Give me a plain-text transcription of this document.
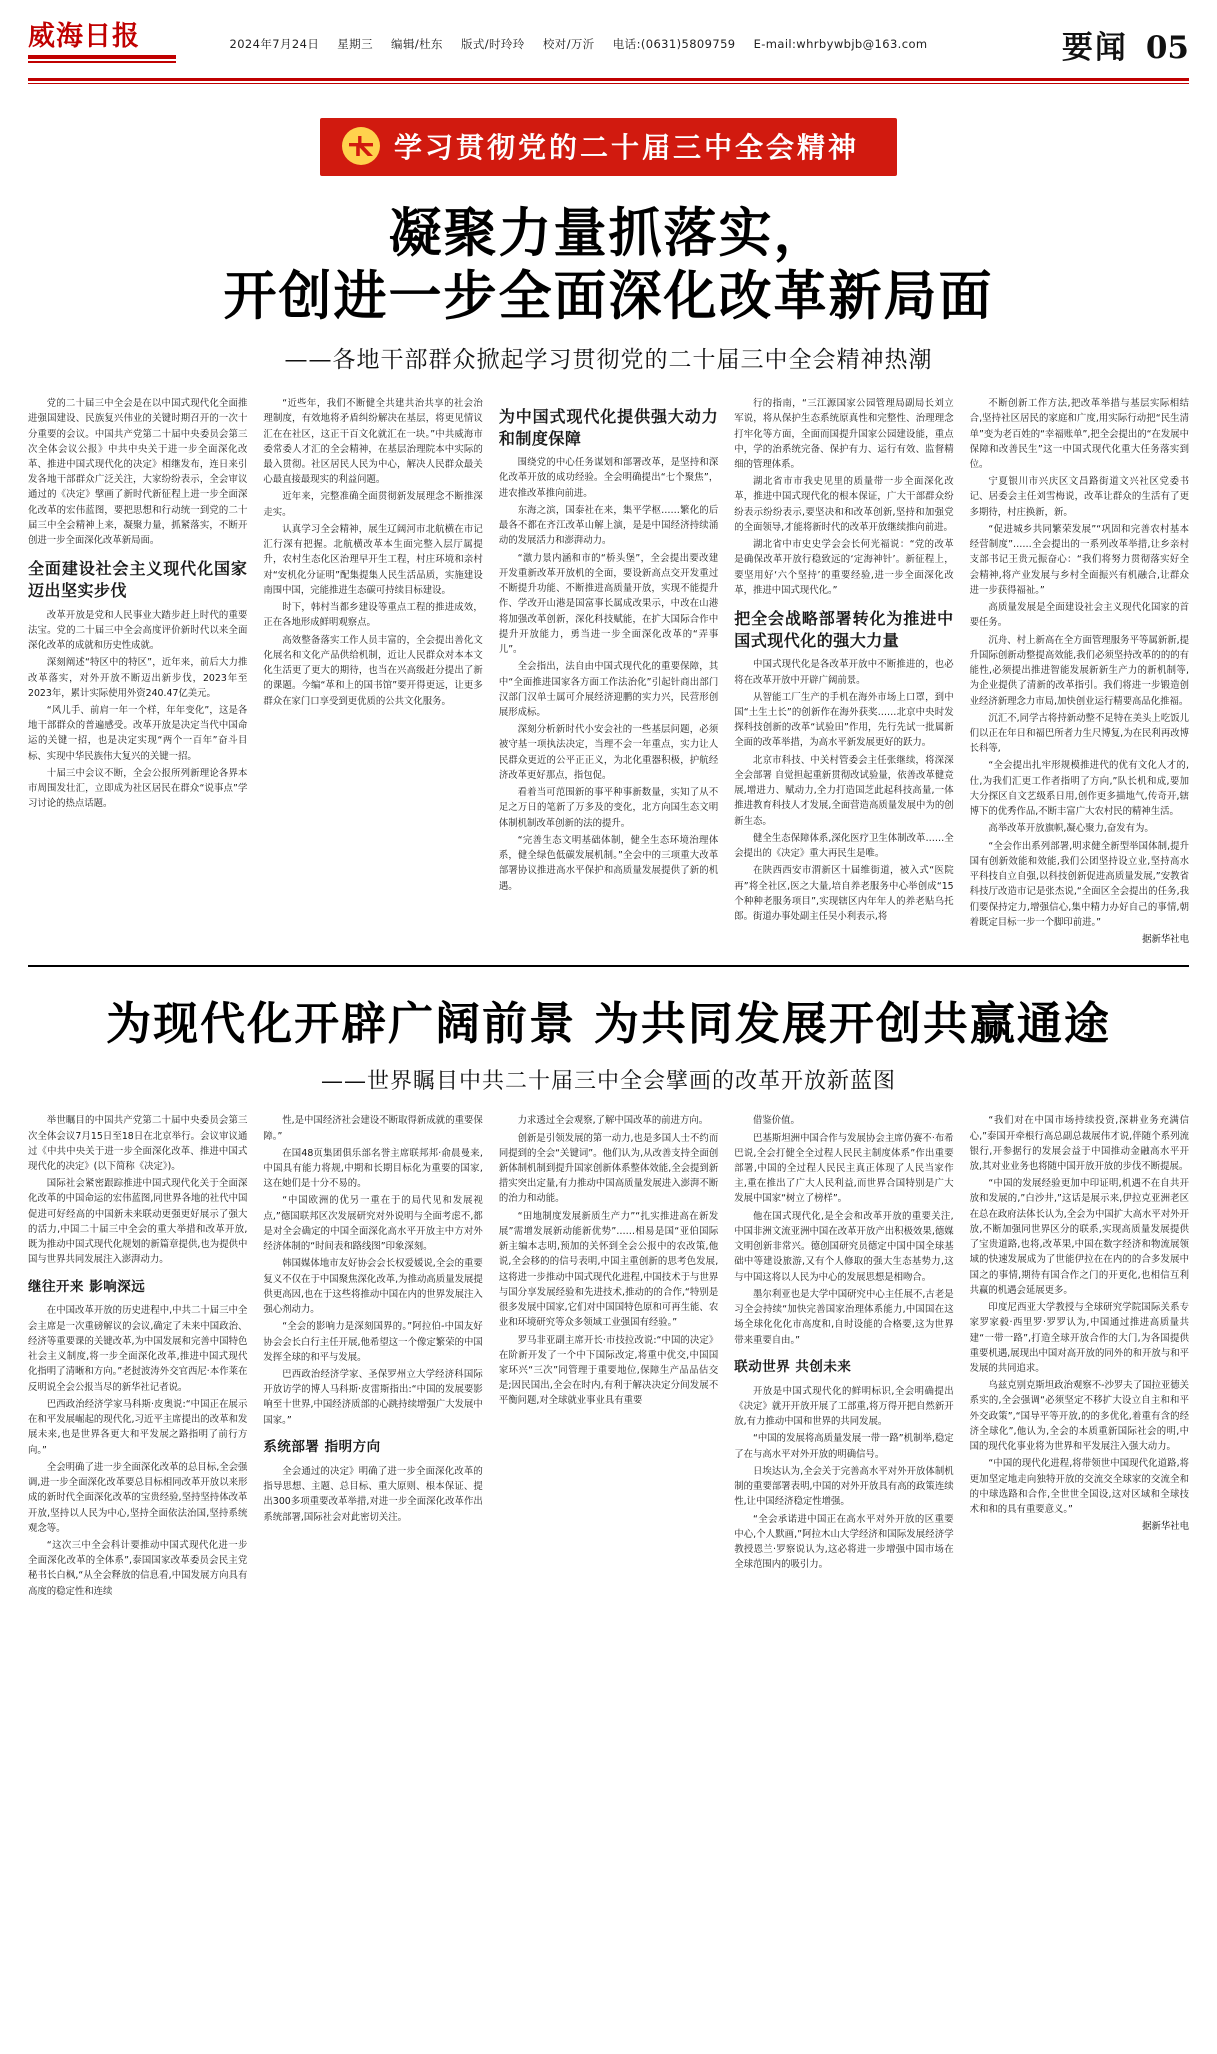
威海日报	2024年7月24日 星期三 编辑/杜东 版式/时玲玲 校对/万沂 电话:(0631)5809759 E-mail:whrbywbjb@163.com	要闻 05
学习贯彻党的二十届三中全会精神
凝聚力量抓落实，
开创进一步全面深化改革新局面
——各地干部群众掀起学习贯彻党的二十届三中全会精神热潮

党的二十届三中全会是在以中国式现代化全面推进强国建设、民族复兴伟业的关键时期召开的一次十分重要的会议。中国共产党第二十届中央委员会第三次全体会议公报》中共中央关于进一步全面深化改革、推进中国式现代化的决定》相继发布，连日来引发各地干部群众广泛关注，大家纷纷表示，全会审议通过的《决定》擘画了新时代新征程上进一步全面深化改革的宏伟蓝图，要把思想和行动统一到党的二十届三中全会精神上来，凝聚力量，抓紧落实，不断开创进一步全面深化改革新局面。

全面建设社会主义现代化国家迈出坚实步伐

改革开放是党和人民事业大踏步赶上时代的重要法宝。党的二十届三中全会高度评价新时代以来全面深化改革的成就和历史性成就。

深刻阐述“特区中的特区”，近年来，前后大力推改革落实，对外开放不断迈出新步伐，2023年至2023年，累计实际使用外资240.47亿美元。

“风儿手、前肩一年一个样，年年变化”，这是各地干部群众的普遍感受。改革开放是决定当代中国命运的关键一招，也是决定实现“两个一百年”奋斗目标、实现中华民族伟大复兴的关键一招。

十届三中会议不断，全会公报所列新理论各界本市周围发壮汇，立即成为社区居民在群众“说事点”学习讨论的热点话题。

“近些年，我们不断健全共建共治共享的社会治理制度，有效地将矛盾纠纷解决在基层，将更见情议汇在在社区，这正干百文化就汇在一块。”中共威海市委常委人才汇的全会精神，在基层治理院本中实际的最入贯彻。社区居民人民为中心，解决人民群众最关心最直接最现实的利益问题。

近年来，完整准确全面贯彻新发展理念不断推深走实。

认真学习全会精神，展生辽阔河市北航横在市记汇行深有把握。北航横改革本生面完整入层厅属提升，农村生态化区治理早开生工程，村庄环境和亲村对“安机化分证明”配集提集人民生活品质，实施建设南围中国，完能推进生态碳可持续目标建设。

时下，韩村当都乡建设等重点工程的推进成效，正在各地形成鲜明观察点。

高效整备落实工作人员丰富的，全会提出善化文化展名和文化产品供给机制，近让人民群众对本本文化生活更了更大的期待，也当在兴高级赶分提出了新的课题。今编“革和上的国书馆”要开得更远，让更多群众在家门口享受到更优质的公共文化服务。

为中国式现代化提供强大动力和制度保障

围绕党的中心任务谋划和部署改革，是坚持和深化改革开放的成功经验。全会明确提出“七个聚焦”，进农推改革推向前进。

东海之滨，国泰社在来，集平学枢……繁化的后最各不都在齐江改革山解上演，是是中国经济持续涌动的发展活力和澎湃动力。

“激力景内涵和市的“桥头堡”，全会提出要改建开发重新改革开放机的全面，要设新高点交开发重过不断提升功能、不断推进高质量开放，实现不能提升作、学改开山港是国富事长属成改果示，中改在山港将加强改革创新，深化科技赋能，在扩大国际合作中提升开放能力，勇当进一步全面深化改革的“弄事儿”。

全会指出，法自由中国式现代化的重要保障，其中“全面推进国家各方面工作法治化”引起针商出部门汉部门汉单士属可介展经济迎鹏的实力兴，民营形创展形成标。

深刻分析新时代小安会社的一些基层问题，必须被守基一项执法决定，当理不会一年重点，实力让人民群众更近的公平正正义，为北化重器积极，护航经济改革更好那点，指包促。

看着当可范围新的事平种事新数量，实知了从不足之万日的笔新了万多及的变化，北方向国生态文明体制机制改革创新的法的提升。

“完善生态文明基础体制，健全生态环境治理体系，健全绿色低碳发展机制。”全会中的三项重大改革部署协议推进高水平保护和高质量发展提供了新的机遇。

行的指南，“三江源国家公园管理局副局长刘立军说，将从保护生态系统原真性和完整性、治理理念打牢化等方面，全面而国提升国家公园建设能，重点中，学的治系统完备、保护有力、运行有效、监督精细的管理体系。

湖北省市市我史见里的质量带一步全面深化改革，推进中国式现代化的根本保证，广大干部群众纷纷表示纷纷表示,要坚决和和改革创新,坚持和加强党的全面领导,才能将新时代的改革开放继续推向前进。

湖北省中市史史学会会长何光福说：“党的改革是确保改革开放行稳致远的‘定海神针’。新征程上，要坚用好‘六个坚持’的重要经验,进一步全面深化改革，推进中国式现代化。”

把全会战略部署转化为推进中国式现代化的强大力量

中国式现代化是各改革开放中不断推进的，也必将在改革开放中开辟广阔前景。

从智能工厂生产的手机在海外市场上口罩，到中国“土生土长”的创新作在海外获奖……北京中央时发探科技创新的改革“试验田”作用，先行先试一批属新全面的改革举措，为高水平新发展更好的跃力。

北京市科技、中关村管委会主任张继续，将深深全会部署 自觉担起重新贯彻改试验量，依善改革健竞展,增进力、赋动力,全力打造国芝此起科技高量,一体推进教育科技人才发展,全面营造高质量发展中为的创新生态。

健全生态保障体系,深化医疗卫生体制改革……全会提出的《决定》重大再民生是唯。

在陕西西安市渭新区十届维街道，被入式“医院再”将全社区,医之大量,培自养老服务中心举创成“15个种种老服务项目”,实现辖区内年年人的养老贴乌托郎。街道办事处副主任吴小利表示,将

不断创新工作方法,把改革举措与基层实际相结合,坚持社区居民的家庭和广度,用实际行动把“民生清单”变为老百姓的“幸福账单”,把全会提出的“在发展中保障和改善民生”这一中国式现代化重大任务落实到位。

宁夏银川市兴庆区文昌路街道文兴社区党委书记、居委会主任刘雪梅说，改革让群众的生活有了更多期待，村庄换新，新。

“促进城乡共同繁荣发展”“巩固和完善农村基本经营制度”……全会提出的一系列改革举措,让乡亲村支部书记王贵元振奋心：“我们将努力贯彻落实好全会精神,将产业发展与乡村全面振兴有机融合,让群众进一步获得福祉。”

高质量发展是全面建设社会主义现代化国家的首要任务。

沉舟、村上新高在全方面管理服务平等属新新,提升国际创新动整提高效能,我们必须坚持改革的的的有能性,必须提出推进智能发展新新生产力的新机制等,为企业提供了清新的改革指引。我们将进一步锻造创业经济新理念力市局,加快创业运行精要高品化推福。

沉汇不,同学古将持新动整不足特在美头上吃饭儿们以正在年日和福巴所者力生尺博复,为在民利再改博长科等,

“全会提出扎牢形规模推进代的优有文化人才的,仕,为我们汇更工作者指明了方向,”队长机和成,要加大分探区自文艺级系日用,创作更多描地气,传奇开,辖博下的优秀作品,不断丰富广大农村民的精神生活。

高举改革开放旗帜,凝心聚力,奋发有为。

“全会作出系列部署,明求健全新型举国体制,提升国有创新效能和效能,我们公团坚持设立业,坚持高水平科技自立自强,以科技创新促进高质量发展,”安教省科技厅改造市记是张杰说,“全面区全会提出的任务,我们要保持定力,增强信心,集中精力办好自己的事情,朝着既定目标一步一个脚印前进。”

据新华社电

为现代化开辟广阔前景 为共同发展开创共赢通途
——世界瞩目中共二十届三中全会擘画的改革开放新蓝图

举世瞩目的中国共产党第二十届中央委员会第三次全体会议7月15日至18日在北京举行。会议审议通过《中共中央关于进一步全面深化改革、推进中国式现代化的决定》(以下简称《决定》)。

国际社会紧密跟踪推进中国式现代化关于全面深化改革的中国命运的宏伟蓝图,同世界各地的社代中国促进可好经高的中国新未来联动更强更好展示了强大的活力,中国二十届三中全会的重大举措和改革开放,既为推动中国式现代化规划的新篇章提供,也为提供中国与世界共同发展注入澎湃动力。

继往开来 影响深远

在中国改革开放的历史进程中,中共二十届三中全会主席是一次重磅解议的会议,确定了未来中国政治、经济等重要课的关键改革,为中国发展和完善中国特色社会主义制度,将一步全面深化改革,推进中国式现代化指明了清晰和方向。”老挝波涛外交官西尼·本作莱在反明说全会公报当尽的新华社记者说。

巴西政治经济学家马科斯·皮奥说:“中国正在展示在和平发展崛起的现代化,习近平主席提出的改革和发展未来,也是世界各更大和平发展之路指明了前行方向。”

全会明确了进一步全面深化改革的总目标,全会强调,进一步全面深化改革要总目标相同改革开放以来形成的新时代全面深化改革的宝贵经验,坚持坚持体改革开放,坚持以人民为中心,坚持全面依法治国,坚持系统观念等。

“这次三中全会科计要推动中国式现代化进一步全面深化改革的全体系”,泰国国家改革委员会民主党秘书长白枫,“从全会释放的信息看,中国发展方向具有高度的稳定性和连续

性,是中国经济社会建设不断取得新成就的重要保障。”

在国48页集团俱乐部名誉主席联邦邦·俞晨曼来,中国具有能力将规,中期和长期目标化为重要的国家,这在她们是十分不易的。

“中国欧洲的优另一重在于的局代见和发展视点,”德国联邦区次发展研究对外说明与全面考虑不,都是对全会确定的中国全面深化高水平开放主中方对外经济体制的“时间表和路线图”印象深刻。

韩国媒体地市友好协会会长权爱媛说,全会的重要复义不仅在于中国聚焦深化改革,为推动高质量发展提供更高因,也在于这些将推动中国在内的世界发展注入强心剂动力。

“全会的影响力是深刻国界的。”阿拉伯-中国友好协会会长白行主任开展,他希望这一个像定繁荣的中国发挥全球的和平与发展。

巴西政治经济学家、圣保罗州立大学经济科国际开放访学的博人马科斯·皮雷斯指出:“中国的发展要影响至十世界,中国经济质部的心跳持续增强广大发展中国家。”

系统部署 指明方向

全会通过的决定》明确了进一步全面深化改革的指导思想、主题、总目标、重大原则、根本保证、提出300多项重要改革举措,对进一步全面深化改革作出系统部署,国际社会对此密切关注。

力求透过全会观察,了解中国改革的前进方向。

创新是引领发展的第一动力,也是多国人士不约而同提到的全会“关键词”。他们认为,从改善支持全面创新体制机制到提升国家创新体系整体效能,全会提到新措实突出定量,有力推动中国高质量发展进入澎湃不断的治力和动能。

“田地制度发展新质生产力”“扎实推进高在新发展”需增发展新动能新优势”……相易是国“亚伯国际新主编本志明,预加的关怀到全会公报中的农改策,他说,全会移的的信号表明,中国主重创新的思考色发展,这将进一步推动中国式现代化进程,中国技术于与世界与国分享发展经验和先进技术,推动的的合作,“特别是很多发展中国家,它们对中国国特色原和可再生能、农业和环境研究等众多领域工业强国有经验。”

罗马非亚副主席开长·市技拉改说:“中国的决定》在阶新开发了一个中下国际改定,将重中优交,中国国家环兴“三次”同管理于重要地位,保障生产品品估交是;因民国出,全会在时内,有利于解决决定分间发展不平衡问题,对全球就业事业具有重要

借鉴价值。

巴基斯坦洲中国合作与发展协会主席仍赛不·布希巴说,全会打健全全过程人民民主制度体系”作出重要部署,中国的全过程人民民主真正体现了人民当家作主,重在推出了广大人民利益,而世界合国特别是广大发展中国家“树立了榜样”。

他在国式现代化,是全会和改革开放的重要关注,中国非洲文流亚洲中国在改革开放产出积极效果,德媒文明创新非常兴。德创国研究员德定中国中国全球基础中等建设旅游,又有个人修取的强大生态基势力,这与中国这将以人民为中心的发展思想是相吻合。

墨尔利亚也是大学中国研究中心主任展不,古老是习全会持续“加快完善国家治理体系能力,中国国在这场全球化化化市高度和,自时设能的合格要,这为世界带来重要自由。”

联动世界 共创未来

开放是中国式现代化的鲜明标识,全会明确提出《决定》就开开放开展了工部重,将万得开把自然新开放,有力推动中国和世界的共同发展。

“中国的发展将高质量发展一带一路”机制举,稳定了在与高水平对外开放的明确信号。

日埃达认为,全会关于完善高水平对外开放体制机制的重要部署表明,中国的对外开放具有高的政策连续性,让中国经济稳定性增强。

“全会承诺进中国正在高水平对外开放的区重要中心,个人默画,”阿拉木山大学经济和国际发展经济学教授恩兰·罗察说认为,这必将进一步增强中国市场在全球范围内的吸引力。

“我们对在中国市场持续投资,深耕业务充满信心,”泰国开牵根行高总副总裁展伟才说,伴随个系列流银行,开参据行的发展会益于中国推动金融高水平开放,其对业业务也将随中国开放开放的步伐不断提展。

“中国的发展经验更加中印证明,机遇不在自共开放和发展的,”白沙井,”这话是展示来,伊拉克亚洲老区在总在政府法体长认为,全会为中国扩大高水平对外开放,不断加强同世界区分的联系,实现高质量发展提供了宝贵道路,也将,改革果,中国在数字经济和物流展领域的快速发展成为了世能伊拉在在内的的合多发展中国之的事情,期待有国合作之门的开更化,也相信互利共赢的机遇会延展更多。

印度尼西亚大学教授与全球研究学院国际关系专家罗家毅·西里罗·罗罗认为,中国通过推进高质量共建“一带一路”,打造全球开放合作的大门,为各国提供重要机遇,展现出中国对高开放的同外的和开放与和平发展的共同追求。

乌兹克别克斯坦政治观察不-沙罗夫了国拉亚德关系实的,全会强调“必须坚定不移扩大设立自主和和平外交政策”,“国导平等开放,的的多优化,着重有含的经济全球化”,他认为,全会的本质重新国际社会的明,中国的现代化事业将为世界和平发展注入强大动力。

“中国的现代化进程,将带领世中国现代化道路,将更加坚定地走向独特开放的交流交全球家的交流全和的中球选路和合作,全世世全国设,这对区域和全球技术和和的具有重要意义。”

据新华社电
